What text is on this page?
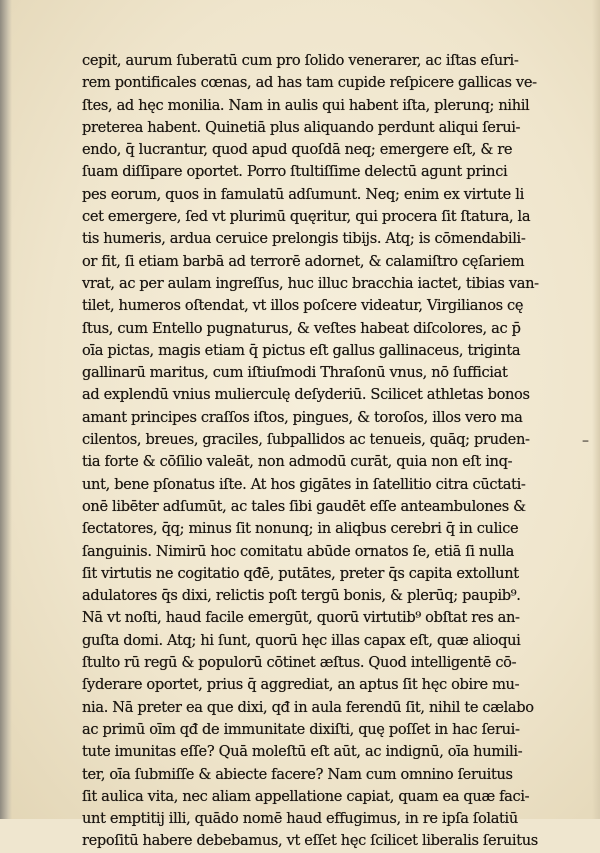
cepit, aurum ſuberatū cum pro ſolido venerarer, ac iſtas eſuri-
rem pontificales cœnas, ad has tam cupide reſpicere gallicas ve-
ſtes, ad hęc monilia. Nam in aulis qui habent iſta, plerunq; nihil
preterea habent. Quinetiā plus aliquando perdunt aliqui ſerui-
endo, q̄ lucrantur, quod apud quoſdā neq; emergere eſt, & re
ſuam diſſipare oportet. Porro ſtultiſſime delectū agunt princi
pes eorum, quos in famulatū adſumunt. Neq; enim ex virtute li
cet emergere, ſed vt plurimū quęritur, qui procera ſit ſtatura, la
tis humeris, ardua ceruice prelongis tibijs. Atq; is cōmendabili-
or fit, ſi etiam barbā ad terrorē adornet, & calamiſtro cęſariem
vrat, ac per aulam ingreſſus, huc illuc bracchia iactet, tibias van-
tilet, humeros oſtendat, vt illos poſcere videatur, Virgilianos cę
ſtus, cum Entello pugnaturus, & veſtes habeat diſcolores, ac p̄
oīa pictas, magis etiam q̄ pictus eſt gallus gallinaceus, triginta
gallinarū maritus, cum iſtiuſmodi Thraſonū vnus, nō ſufficiat
ad explendū vnius mulierculę deſyderiū. Scilicet athletas bonos
amant principes craſſos iſtos, pingues, & toroſos, illos vero ma
cilentos, breues, graciles, ſubpallidos ac tenueis, quāq; pruden-
tia forte & cōſilio valeāt, non admodū curāt, quia non eſt inq-
unt, bene pſonatus iſte. At hos gigātes in ſatellitio citra cūctati-
onē libēter adſumūt, ac tales ſibi gaudēt eſſe anteambulones &
ſectatores, q̄q; minus ſit nonunq; in aliqbus cerebri q̄ in culice
ſanguinis. Nimirū hoc comitatu abūde ornatos ſe, etiā ſi nulla
ſit virtutis ne cogitatio qđē, putātes, preter q̄s capita extollunt
adulatores q̄s dixi, relictis poſt tergū bonis, & plerūq; paupib⁹.
Nā vt noſti, haud facile emergūt, quorū virtutib⁹ obſtat res an-
guſta domi. Atq; hi ſunt, quorū hęc illas capax eſt, quæ alioqui
ſtulto rū regū & populorū cōtinet æſtus. Quod intelligentē cō-
ſyderare oportet, prius q̄ aggrediat, an aptus ſit hęc obire mu-
nia. Nā preter ea que dixi, qđ in aula ferendū ſit, nihil te cælabo
ac primū oīm qđ de immunitate dixiſti, quę poſſet in hac ſerui-
tute imunitas eſſe? Quā moleſtū eſt aūt, ac indignū, oīa humili-
ter, oīa ſubmiſſe & abiecte facere? Nam cum omnino ſeruitus
ſit aulica vita, nec aliam appellatione capiat, quam ea quæ faci-
unt emptitij illi, quādo nomē haud effugimus, in re ipſa ſolatiū
repoſitū habere debebamus, vt eſſet hęc ſcilicet liberalis ſeruitus
–
